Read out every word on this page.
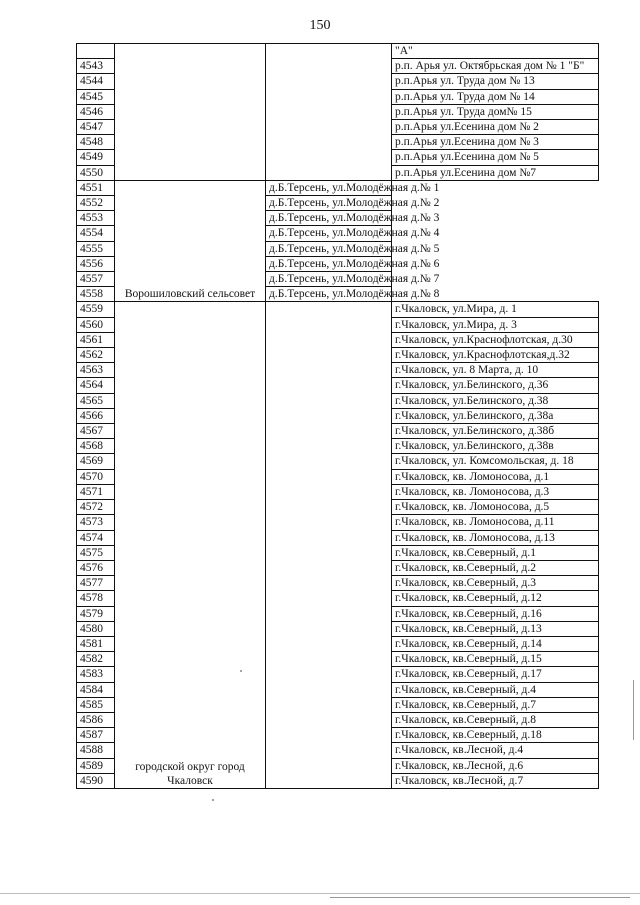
150
			"А"
4543			р.п. Арья ул. Октябрьская дом № 1 "Б"
4544			р.п.Арья ул. Труда дом № 13
4545			р.п.Арья ул. Труда дом № 14
4546			р.п.Арья ул. Труда дом№ 15
4547			р.п.Арья ул.Есенина дом № 2
4548			р.п.Арья ул.Есенина дом № 3
4549			р.п.Арья ул.Есенина дом № 5
4550			р.п.Арья ул.Есенина дом №7
4551	Ворошиловский сельсовет	д.Б.Терсень, ул.Молодёжная д.№ 1	
4552		д.Б.Терсень, ул.Молодёжная д.№ 2	
4553		д.Б.Терсень, ул.Молодёжная д.№ 3	
4554		д.Б.Терсень, ул.Молодёжная д.№ 4	
4555		д.Б.Терсень, ул.Молодёжная д.№ 5	
4556		д.Б.Терсень, ул.Молодёжная д.№ 6	
4557		д.Б.Терсень, ул.Молодёжная д.№ 7	
4558		д.Б.Терсень, ул.Молодёжная д.№ 8	
4559	городской округ город Чкаловск		г.Чкаловск, ул.Мира, д. 1
4560			г.Чкаловск, ул.Мира, д. 3
4561			г.Чкаловск, ул.Краснофлотская, д.30
4562			г.Чкаловск, ул.Краснофлотская,д.32
4563			г.Чкаловск, ул. 8 Марта, д. 10
4564			г.Чкаловск, ул.Белинского, д.36
4565			г.Чкаловск, ул.Белинского, д.38
4566			г.Чкаловск, ул.Белинского, д.38а
4567			г.Чкаловск, ул.Белинского, д.38б
4568			г.Чкаловск, ул.Белинского, д.38в
4569			г.Чкаловск, ул. Комсомольская, д. 18
4570			г.Чкаловск, кв. Ломоносова, д.1
4571			г.Чкаловск, кв. Ломоносова, д.3
4572			г.Чкаловск, кв. Ломоносова, д.5
4573			г.Чкаловск, кв. Ломоносова, д.11
4574			г.Чкаловск, кв. Ломоносова, д.13
4575			г.Чкаловск, кв.Северный, д.1
4576			г.Чкаловск, кв.Северный, д.2
4577			г.Чкаловск, кв.Северный, д.3
4578			г.Чкаловск, кв.Северный, д.12
4579			г.Чкаловск, кв.Северный, д.16
4580			г.Чкаловск, кв.Северный, д.13
4581			г.Чкаловск, кв.Северный, д.14
4582			г.Чкаловск, кв.Северный, д.15
4583			г.Чкаловск, кв.Северный, д.17
4584			г.Чкаловск, кв.Северный, д.4
4585			г.Чкаловск, кв.Северный, д.7
4586			г.Чкаловск, кв.Северный, д.8
4587			г.Чкаловск, кв.Северный, д.18
4588			г.Чкаловск, кв.Лесной, д.4
4589			г.Чкаловск, кв.Лесной, д.6
4590			г.Чкаловск, кв.Лесной, д.7
